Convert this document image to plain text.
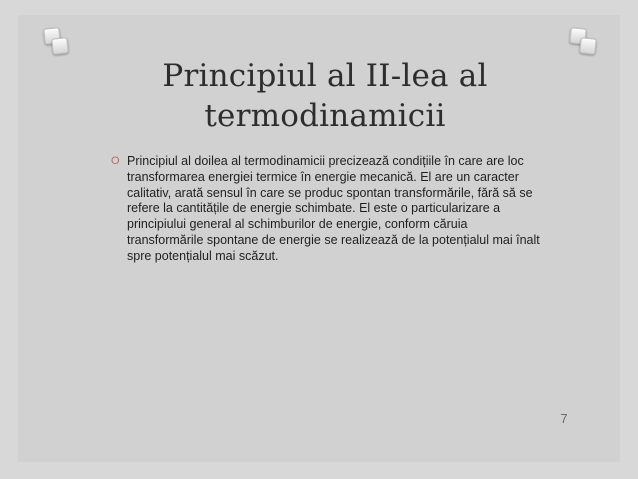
Principiul al II-lea al termodinamicii
O Principiul al doilea al termodinamicii precizează condițiile în care are loc transformarea energiei termice în energie mecanică. El are un caracter calitativ, arată sensul în care se produc spontan transformările, fără să se refere la cantitățile de energie schimbate. El este o particularizare a principiului general al schimburilor de energie, conform căruia transformările spontane de energie se realizează de la potențialul mai înalt spre potențialul mai scăzut.

7
